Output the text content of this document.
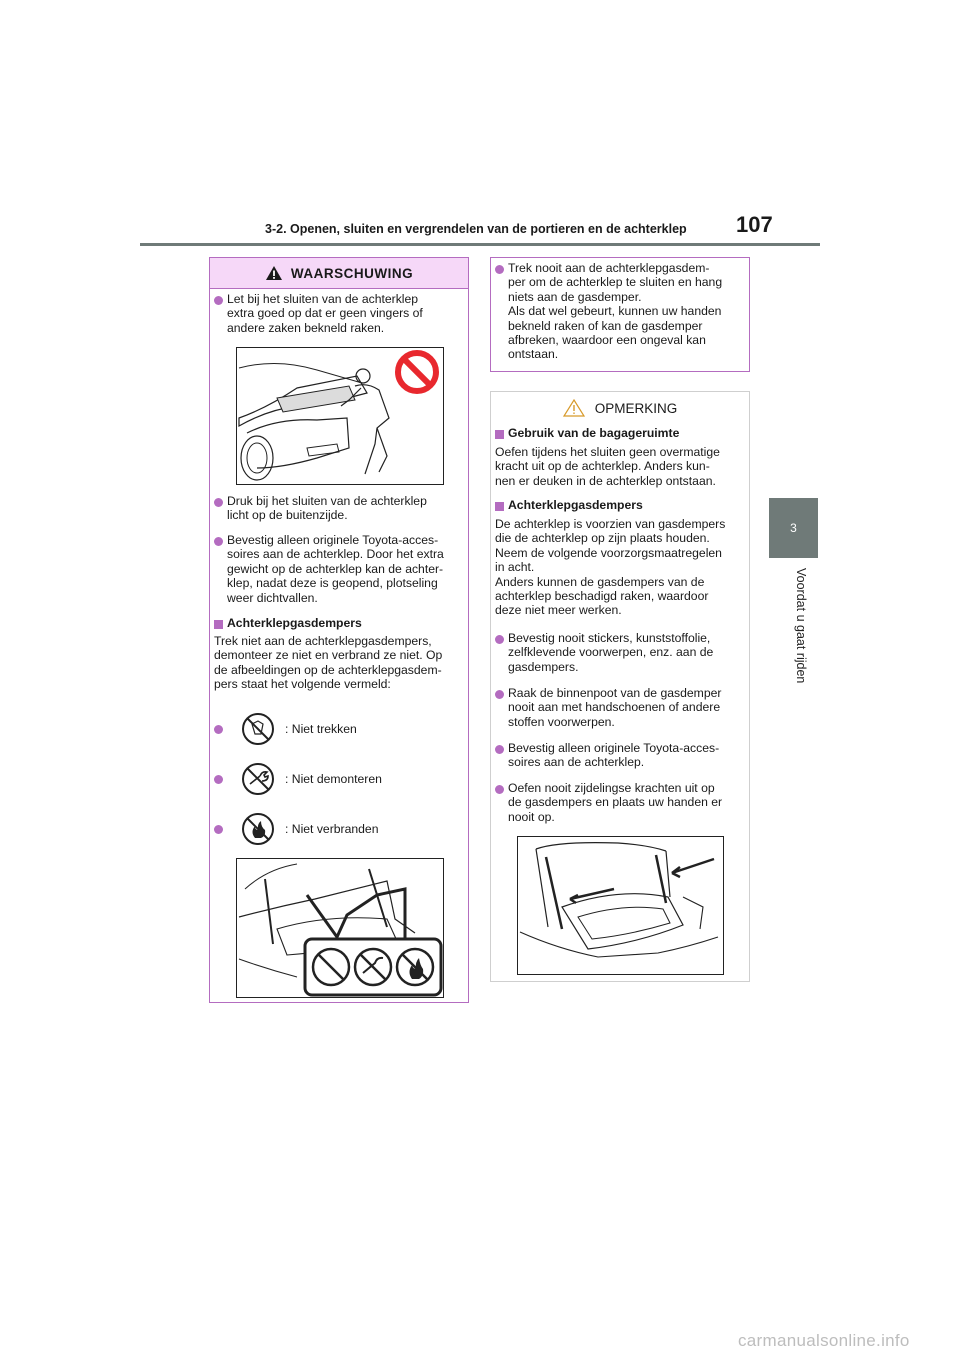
3-2. Openen, sluiten en vergrendelen van de portieren en de achterklep 107
3
Voordat u gaat rijden
WAARSCHUWING
Let bij het sluiten van de achterklep
extra goed op dat er geen vingers of
andere zaken bekneld raken.
Druk bij het sluiten van de achterklep
licht op de buitenzijde.
Bevestig alleen originele Toyota-acces-
soires aan de achterklep. Door het extra
gewicht op de achterklep kan de achter-
klep, nadat deze is geopend, plotseling
weer dichtvallen.
Achterklepgasdempers
Trek niet aan de achterklepgasdempers,
demonteer ze niet en verbrand ze niet. Op
de afbeeldingen op de achterklepgasdem-
pers staat het volgende vermeld:
: Niet trekken
: Niet demonteren
: Niet verbranden
Trek nooit aan de achterklepgasdem-
per om de achterklep te sluiten en hang
niets aan de gasdemper.
Als dat wel gebeurt, kunnen uw handen
bekneld raken of kan de gasdemper
afbreken, waardoor een ongeval kan
ontstaan.
OPMERKING
Gebruik van de bagageruimte
Oefen tijdens het sluiten geen overmatige
kracht uit op de achterklep. Anders kun-
nen er deuken in de achterklep ontstaan.
Achterklepgasdempers
De achterklep is voorzien van gasdempers
die de achterklep op zijn plaats houden.
Neem de volgende voorzorgsmaatregelen
in acht.
Anders kunnen de gasdempers van de
achterklep beschadigd raken, waardoor
deze niet meer werken.
Bevestig nooit stickers, kunststoffolie,
zelfklevende voorwerpen, enz. aan de
gasdempers.
Raak de binnenpoot van de gasdemper
nooit aan met handschoenen of andere
stoffen voorwerpen.
Bevestig alleen originele Toyota-acces-
soires aan de achterklep.
Oefen nooit zijdelingse krachten uit op
de gasdempers en plaats uw handen er
nooit op.
carmanualsonline.info
